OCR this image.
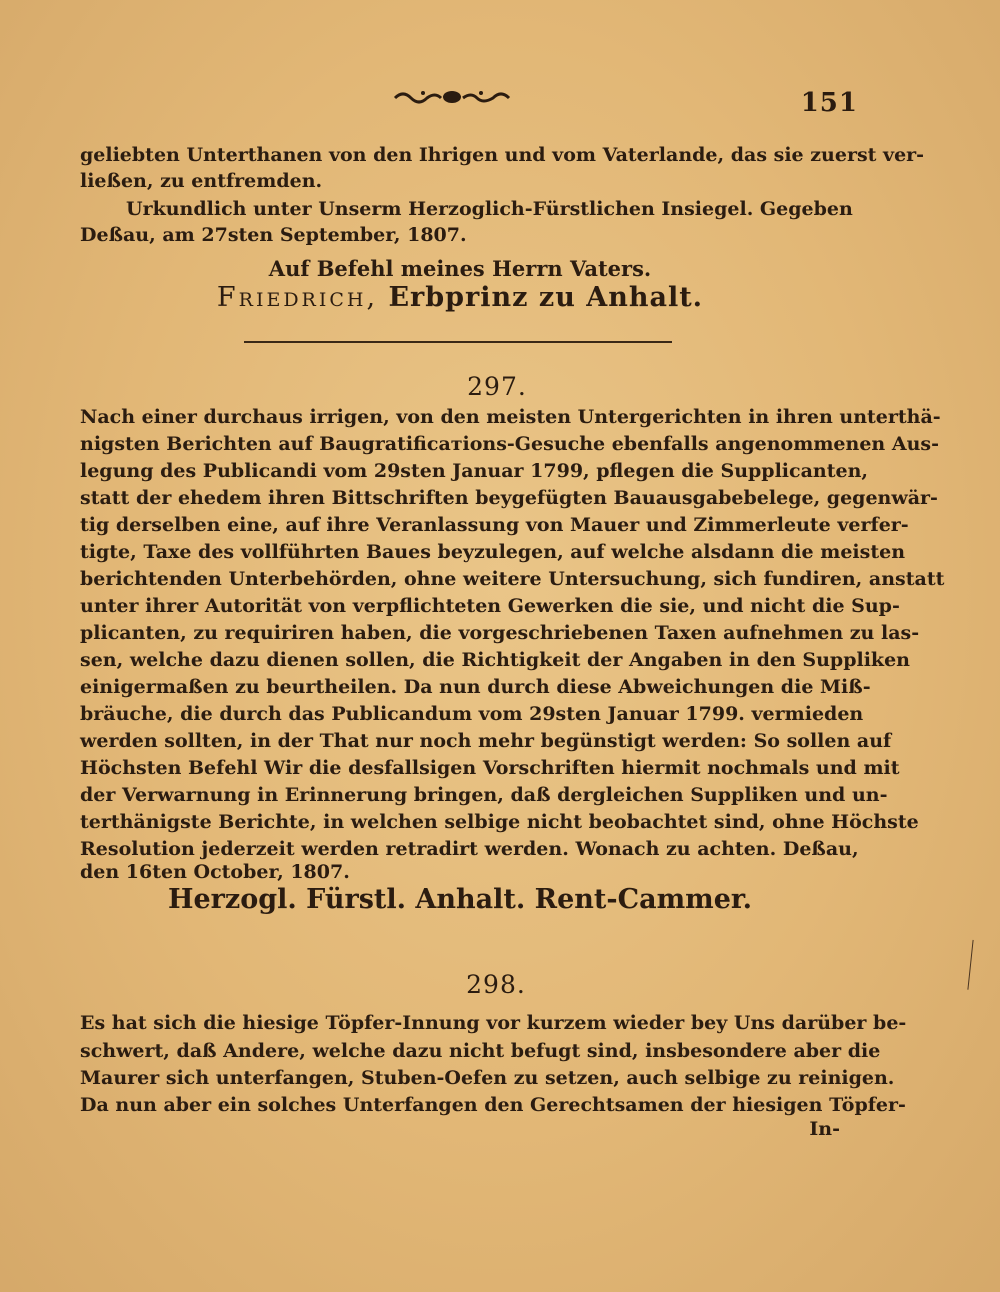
151
geliebten Unterthanen von den Ihrigen und vom Vaterlande, das sie zuerst ver-
ließen, zu entfremden.
Urkundlich unter Unserm Herzoglich-Fürstlichen Insiegel. Gegeben
Deßau, am 27sten September, 1807.
Auf Befehl meines Herrn Vaters.
Friedrich, Erbprinz zu Anhalt.
297.
Nach einer durchaus irrigen, von den meisten Untergerichten in ihren unterthä-
nigsten Berichten auf Baugratificaтions-Gesuche ebenfalls angenommenen Aus-
legung des Publicandi vom 29sten Januar 1799, pflegen die Supplicanten,
statt der ehedem ihren Bittschriften beygefügten Bauausgabebelege, gegenwär-
tig derselben eine, auf ihre Veranlassung von Mauer und Zimmerleute verfer-
tigte, Taxe des vollführten Baues beyzulegen, auf welche alsdann die meisten
berichtenden Unterbehörden, ohne weitere Untersuchung, sich fundiren, anstatt
unter ihrer Autorität von verpflichteten Gewerken die sie, und nicht die Sup-
plicanten, zu requiriren haben, die vorgeschriebenen Taxen aufnehmen zu las-
sen, welche dazu dienen sollen, die Richtigkeit der Angaben in den Suppliken
einigermaßen zu beurtheilen. Da nun durch diese Abweichungen die Miß-
bräuche, die durch das Publicandum vom 29sten Januar 1799. vermieden
werden sollten, in der That nur noch mehr begünstigt werden: So sollen auf
Höchsten Befehl Wir die desfallsigen Vorschriften hiermit nochmals und mit
der Verwarnung in Erinnerung bringen, daß dergleichen Suppliken und un-
terthänigste Berichte, in welchen selbige nicht beobachtet sind, ohne Höchste
Resolution jederzeit werden retradirt werden. Wonach zu achten. Deßau,
den 16ten October, 1807.
Herzogl. Fürstl. Anhalt. Rent-Cammer.
298.
Es hat sich die hiesige Töpfer-Innung vor kurzem wieder bey Uns darüber be-
schwert, daß Andere, welche dazu nicht befugt sind, insbesondere aber die
Maurer sich unterfangen, Stuben-Oefen zu setzen, auch selbige zu reinigen.
Da nun aber ein solches Unterfangen den Gerechtsamen der hiesigen Töpfer-
In-
